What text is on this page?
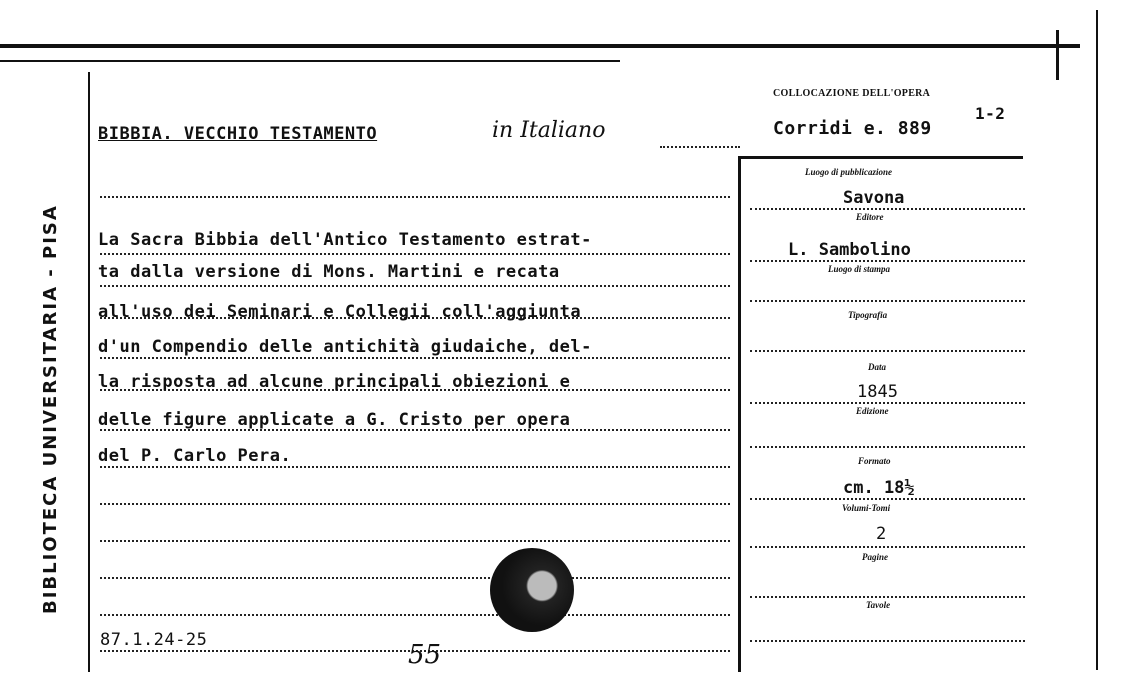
BIBLIOTECA UNIVERSITARIA - PISA
BIBBIA. VECCHIO TESTAMENTO	in Italiano
COLLOCAZIONE DELL'OPERA
Corridi e. 889
1-2
La Sacra Bibbia dell'Antico Testamento estrat-
ta dalla versione di Mons. Martini e recata
all'uso dei Seminari e Collegii coll'aggiunta
d'un Compendio delle antichità giudaiche, del-
la risposta ad alcune principali obiezioni e
delle figure applicate a G. Cristo per opera
del P. Carlo Pera.
87.1.24-25	55
Luogo di pubblicazione
Savona
Editore
L. Sambolino
Luogo di stampa
Tipografia
Data
1845
Edizione
Formato
cm. 18½
Volumi-Tomi
2
Pagine
Tavole
